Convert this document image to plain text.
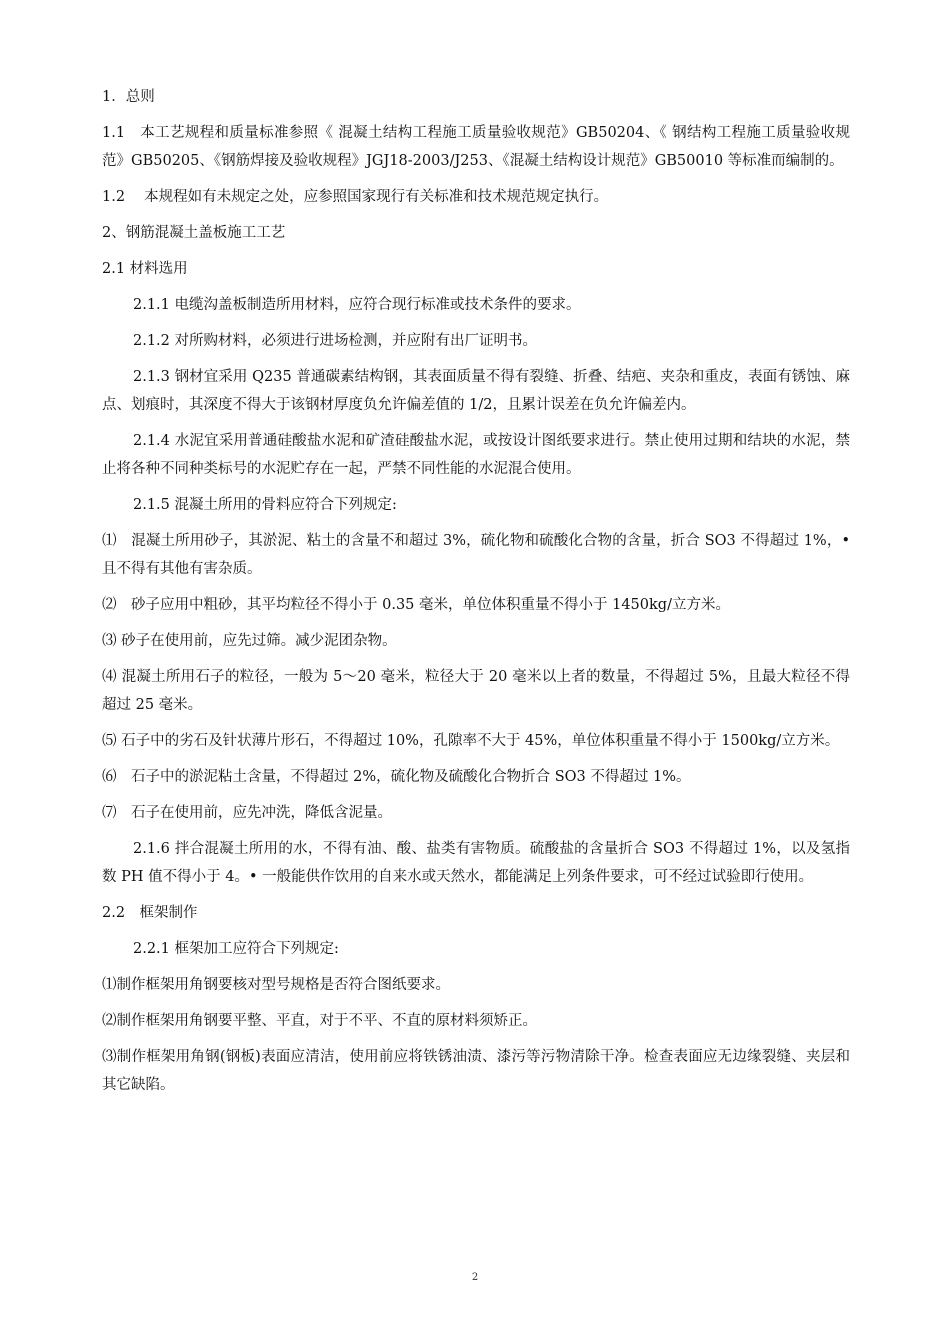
1．总则

1.1　本工艺规程和质量标准参照《 混凝土结构工程施工质量验收规范》GB50204、《 钢结构工程施工质量验收规范》GB50205、《钢筋焊接及验收规程》JGJ18-2003/J253、《混凝土结构设计规范》GB50010 等标准而编制的。

1.2　 本规程如有未规定之处，应参照国家现行有关标准和技术规范规定执行。

2、钢筋混凝土盖板施工工艺

2.1 材料选用

2.1.1 电缆沟盖板制造所用材料，应符合现行标准或技术条件的要求。

2.1.2 对所购材料，必须进行进场检测，并应附有出厂证明书。

2.1.3 钢材宜采用 Q235 普通碳素结构钢，其表面质量不得有裂缝、折叠、结疤、夹杂和重皮，表面有锈蚀、麻点、划痕时，其深度不得大于该钢材厚度负允许偏差值的 1/2，且累计误差在负允许偏差内。

2.1.4 水泥宜采用普通硅酸盐水泥和矿渣硅酸盐水泥，或按设计图纸要求进行。禁止使用过期和结块的水泥，禁止将各种不同种类标号的水泥贮存在一起，严禁不同性能的水泥混合使用。

2.1.5 混凝土所用的骨料应符合下列规定:

⑴　混凝土所用砂子，其淤泥、粘土的含量不和超过 3%，硫化物和硫酸化合物的含量，折合 SO3 不得超过 1%，• 且不得有其他有害杂质。

⑵　砂子应用中粗砂，其平均粒径不得小于 0.35 毫米，单位体积重量不得小于 1450kg/立方米。

⑶ 砂子在使用前，应先过筛。减少泥团杂物。

⑷ 混凝土所用石子的粒径，一般为 5～20 毫米，粒径大于 20 毫米以上者的数量，不得超过 5%，且最大粒径不得超过 25 毫米。

⑸ 石子中的劣石及针状薄片形石，不得超过 10%，孔隙率不大于 45%，单位体积重量不得小于 1500kg/立方米。

⑹　石子中的淤泥粘土含量，不得超过 2%，硫化物及硫酸化合物折合 SO3 不得超过 1%。

⑺　石子在使用前，应先冲洗，降低含泥量。

2.1.6 拌合混凝土所用的水，不得有油、酸、盐类有害物质。硫酸盐的含量折合 SO3 不得超过 1%，以及氢指数 PH 值不得小于 4。• 一般能供作饮用的自来水或天然水，都能满足上列条件要求，可不经过试验即行使用。

2.2　框架制作

2.2.1 框架加工应符合下列规定:

⑴制作框架用角钢要核对型号规格是否符合图纸要求。

⑵制作框架用角钢要平整、平直，对于不平、不直的原材料须矫正。

⑶制作框架用角钢(钢板)表面应清洁，使用前应将铁锈油渍、漆污等污物清除干净。检查表面应无边缘裂缝、夹层和其它缺陷。

2
